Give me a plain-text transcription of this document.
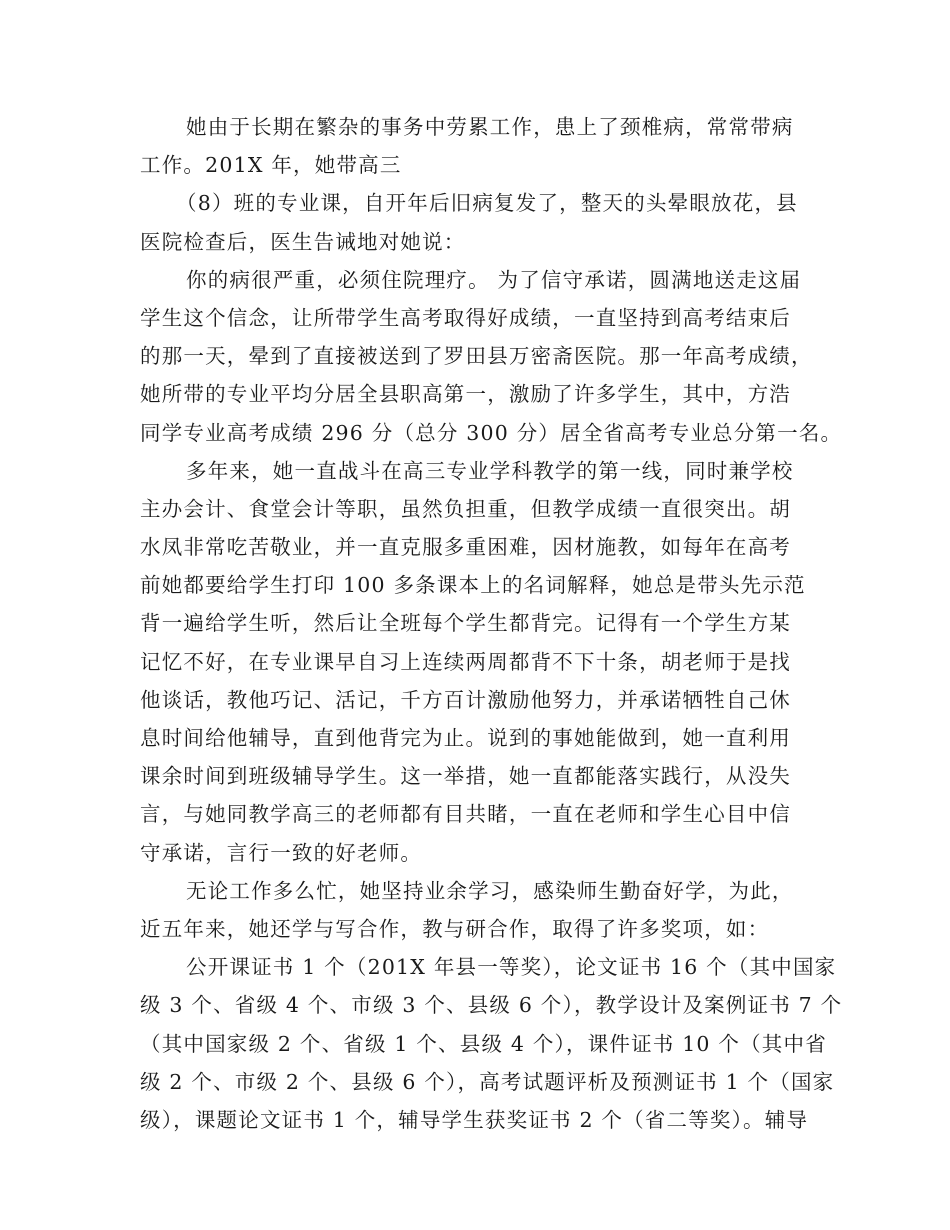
她由于长期在繁杂的事务中劳累工作，患上了颈椎病，常常带病
工作。201X 年，她带高三
（8）班的专业课，自开年后旧病复发了，整天的头晕眼放花，县
医院检查后，医生告诫地对她说：
你的病很严重，必须住院理疗。 为了信守承诺，圆满地送走这届
学生这个信念，让所带学生高考取得好成绩，一直坚持到高考结束后
的那一天，晕到了直接被送到了罗田县万密斋医院。那一年高考成绩，
她所带的专业平均分居全县职高第一，激励了许多学生，其中，方浩
同学专业高考成绩 296 分（总分 300 分）居全省高考专业总分第一名。
多年来，她一直战斗在高三专业学科教学的第一线，同时兼学校
主办会计、食堂会计等职，虽然负担重，但教学成绩一直很突出。胡
水凤非常吃苦敬业，并一直克服多重困难，因材施教，如每年在高考
前她都要给学生打印 100 多条课本上的名词解释，她总是带头先示范
背一遍给学生听，然后让全班每个学生都背完。记得有一个学生方某
记忆不好，在专业课早自习上连续两周都背不下十条，胡老师于是找
他谈话，教他巧记、活记，千方百计激励他努力，并承诺牺牲自己休
息时间给他辅导，直到他背完为止。说到的事她能做到，她一直利用
课余时间到班级辅导学生。这一举措，她一直都能落实践行，从没失
言，与她同教学高三的老师都有目共睹，一直在老师和学生心目中信
守承诺，言行一致的好老师。
无论工作多么忙，她坚持业余学习，感染师生勤奋好学，为此，
近五年来，她还学与写合作，教与研合作，取得了许多奖项，如：
公开课证书 1 个（201X 年县一等奖），论文证书 16 个（其中国家
级 3 个、省级 4 个、市级 3 个、县级 6 个），教学设计及案例证书 7 个
（其中国家级 2 个、省级 1 个、县级 4 个），课件证书 10 个（其中省
级 2 个、市级 2 个、县级 6 个），高考试题评析及预测证书 1 个（国家
级），课题论文证书 1 个，辅导学生获奖证书 2 个（省二等奖）。辅导
